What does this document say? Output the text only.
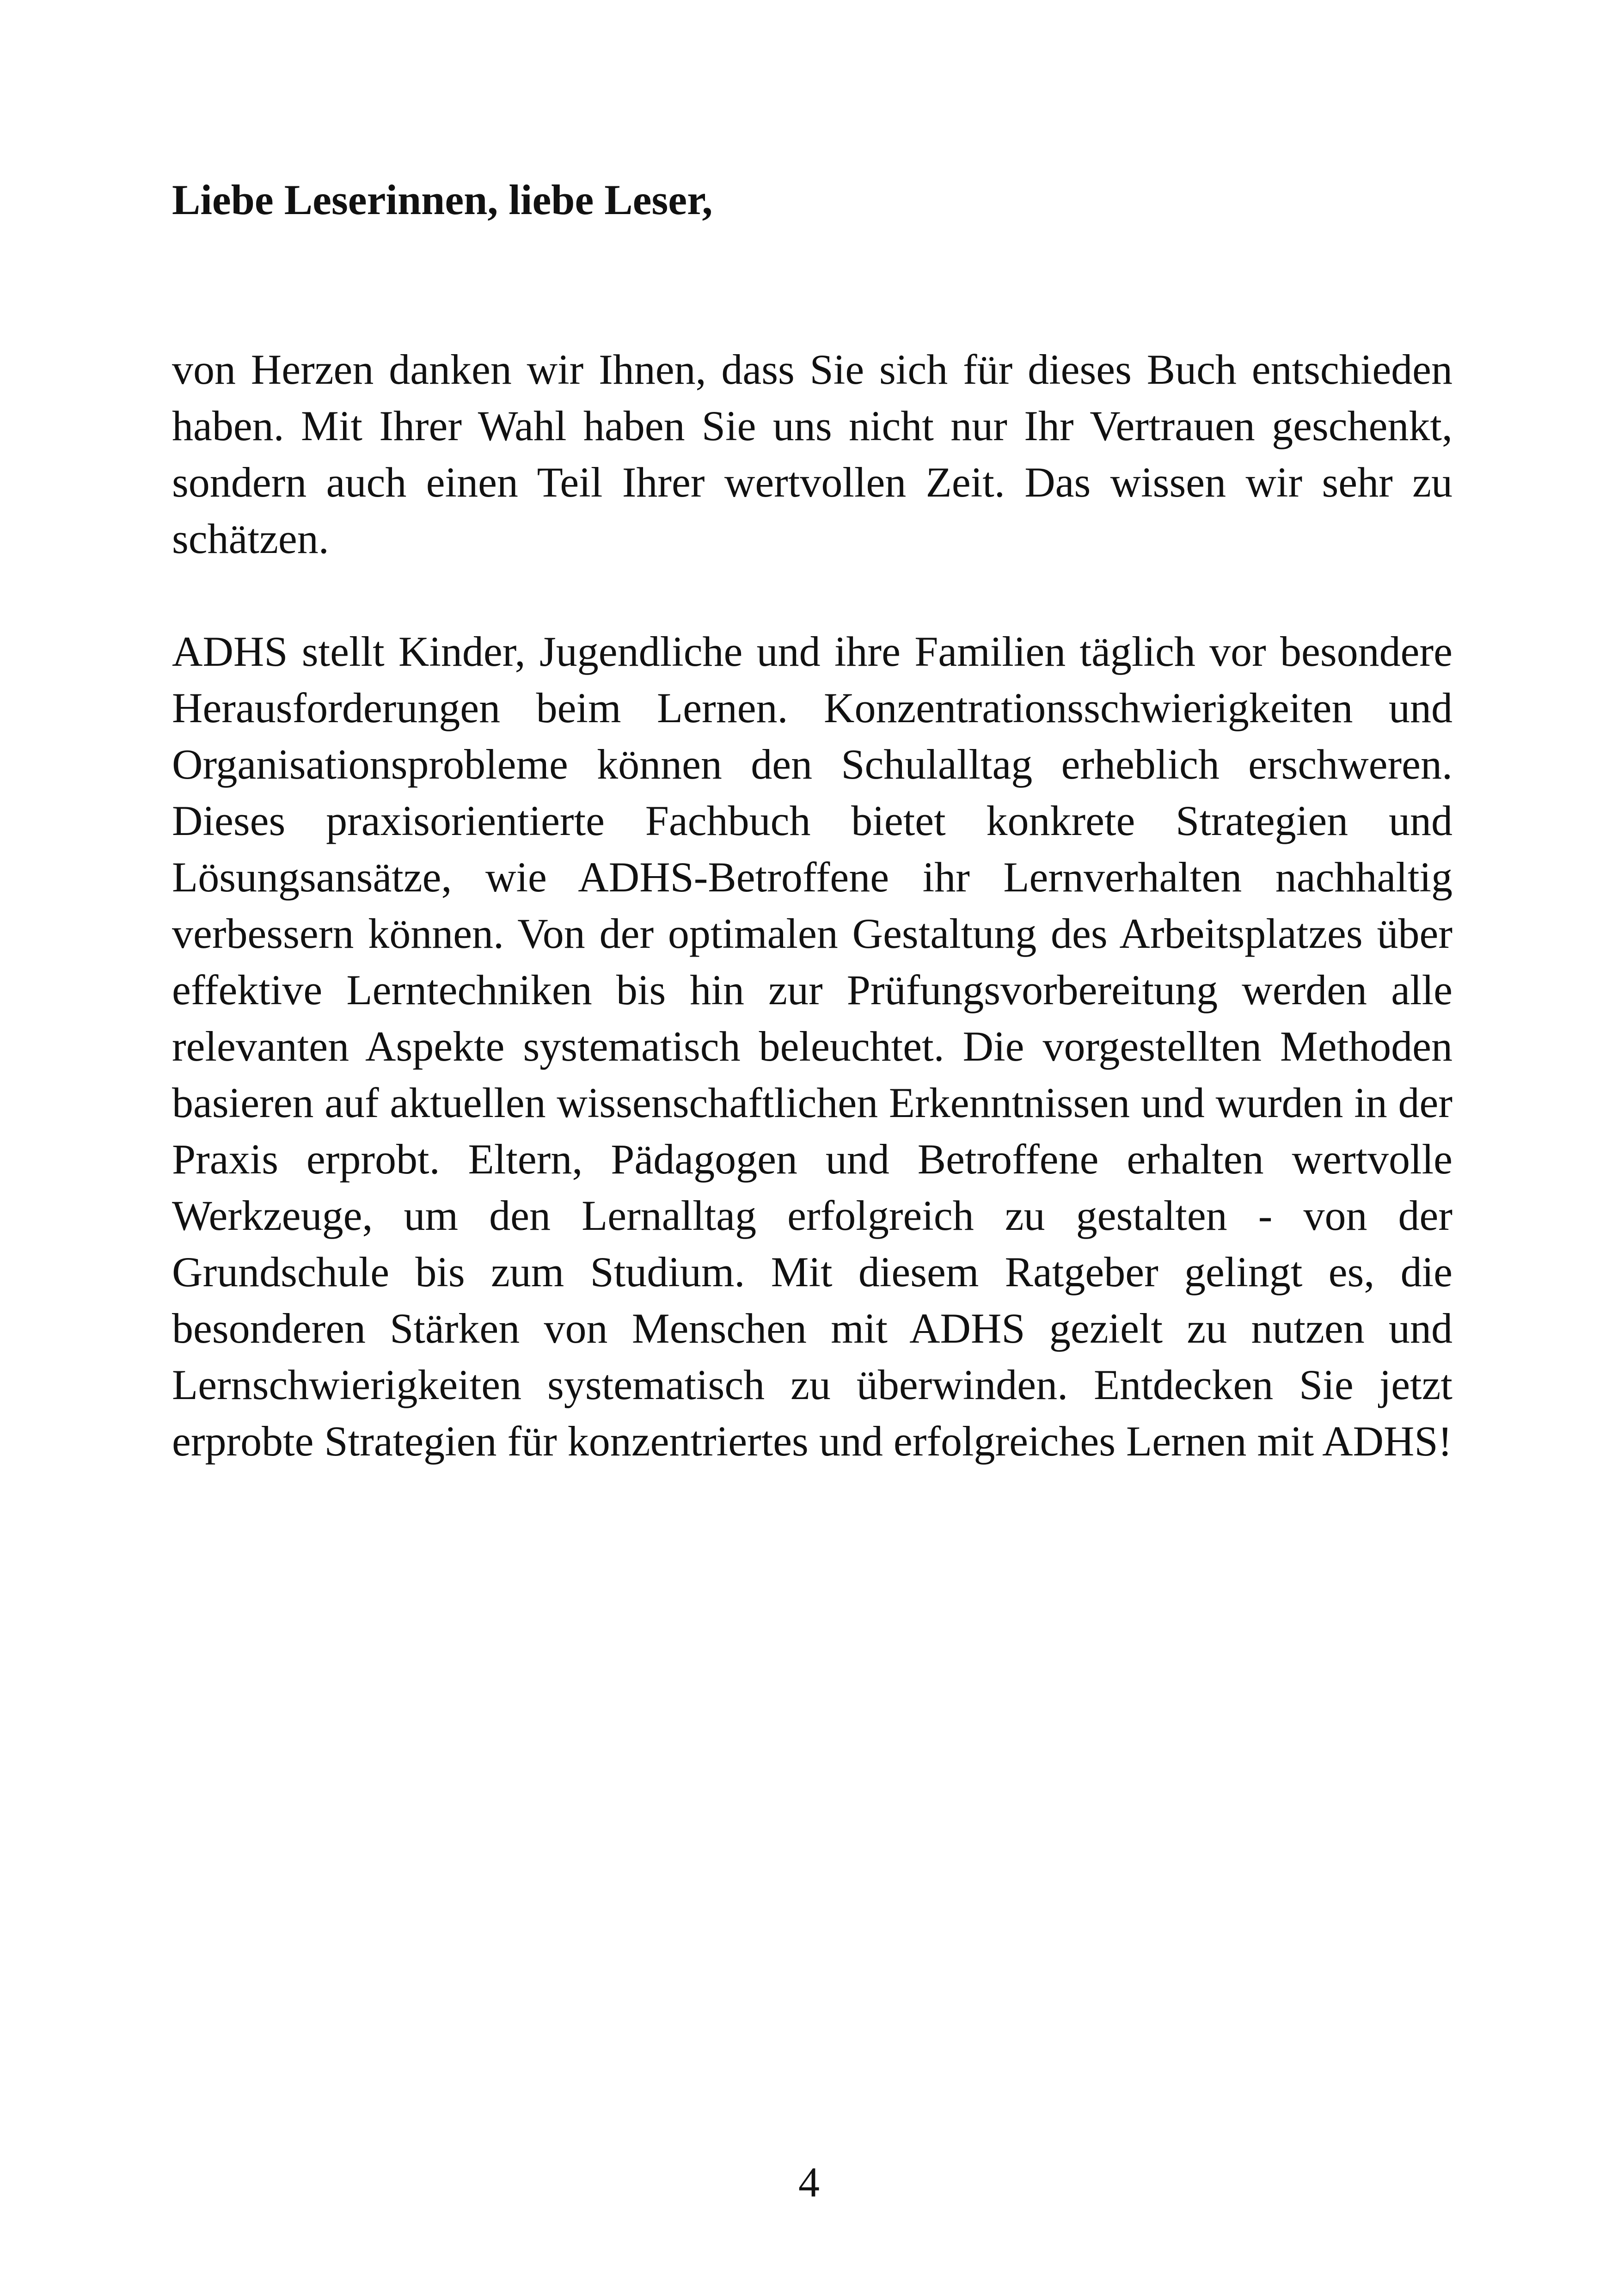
Liebe Leserinnen, liebe Leser,

von Herzen danken wir Ihnen, dass Sie sich für dieses Buch entschieden haben. Mit Ihrer Wahl haben Sie uns nicht nur Ihr Vertrauen geschenkt, sondern auch einen Teil Ihrer wertvollen Zeit. Das wissen wir sehr zu schätzen.

ADHS stellt Kinder, Jugendliche und ihre Familien täglich vor besondere Herausforderungen beim Lernen. Konzentrationsschwierigkeiten und Organisationsprobleme können den Schulalltag erheblich erschweren. Dieses praxisorientierte Fachbuch bietet konkrete Strategien und Lösungsansätze, wie ADHS-Betroffene ihr Lernverhalten nachhaltig verbessern können. Von der optimalen Gestaltung des Arbeitsplatzes über effektive Lerntechniken bis hin zur Prüfungsvorbereitung werden alle relevanten Aspekte systematisch beleuchtet. Die vorgestellten Methoden basieren auf aktuellen wissenschaftlichen Erkenntnissen und wurden in der Praxis erprobt. Eltern, Pädagogen und Betroffene erhalten wertvolle Werkzeuge, um den Lernalltag erfolgreich zu gestalten - von der Grundschule bis zum Studium. Mit diesem Ratgeber gelingt es, die besonderen Stärken von Menschen mit ADHS gezielt zu nutzen und Lernschwierigkeiten systematisch zu überwinden. Entdecken Sie jetzt erprobte Strategien für konzentriertes und erfolgreiches Lernen mit ADHS!

4
